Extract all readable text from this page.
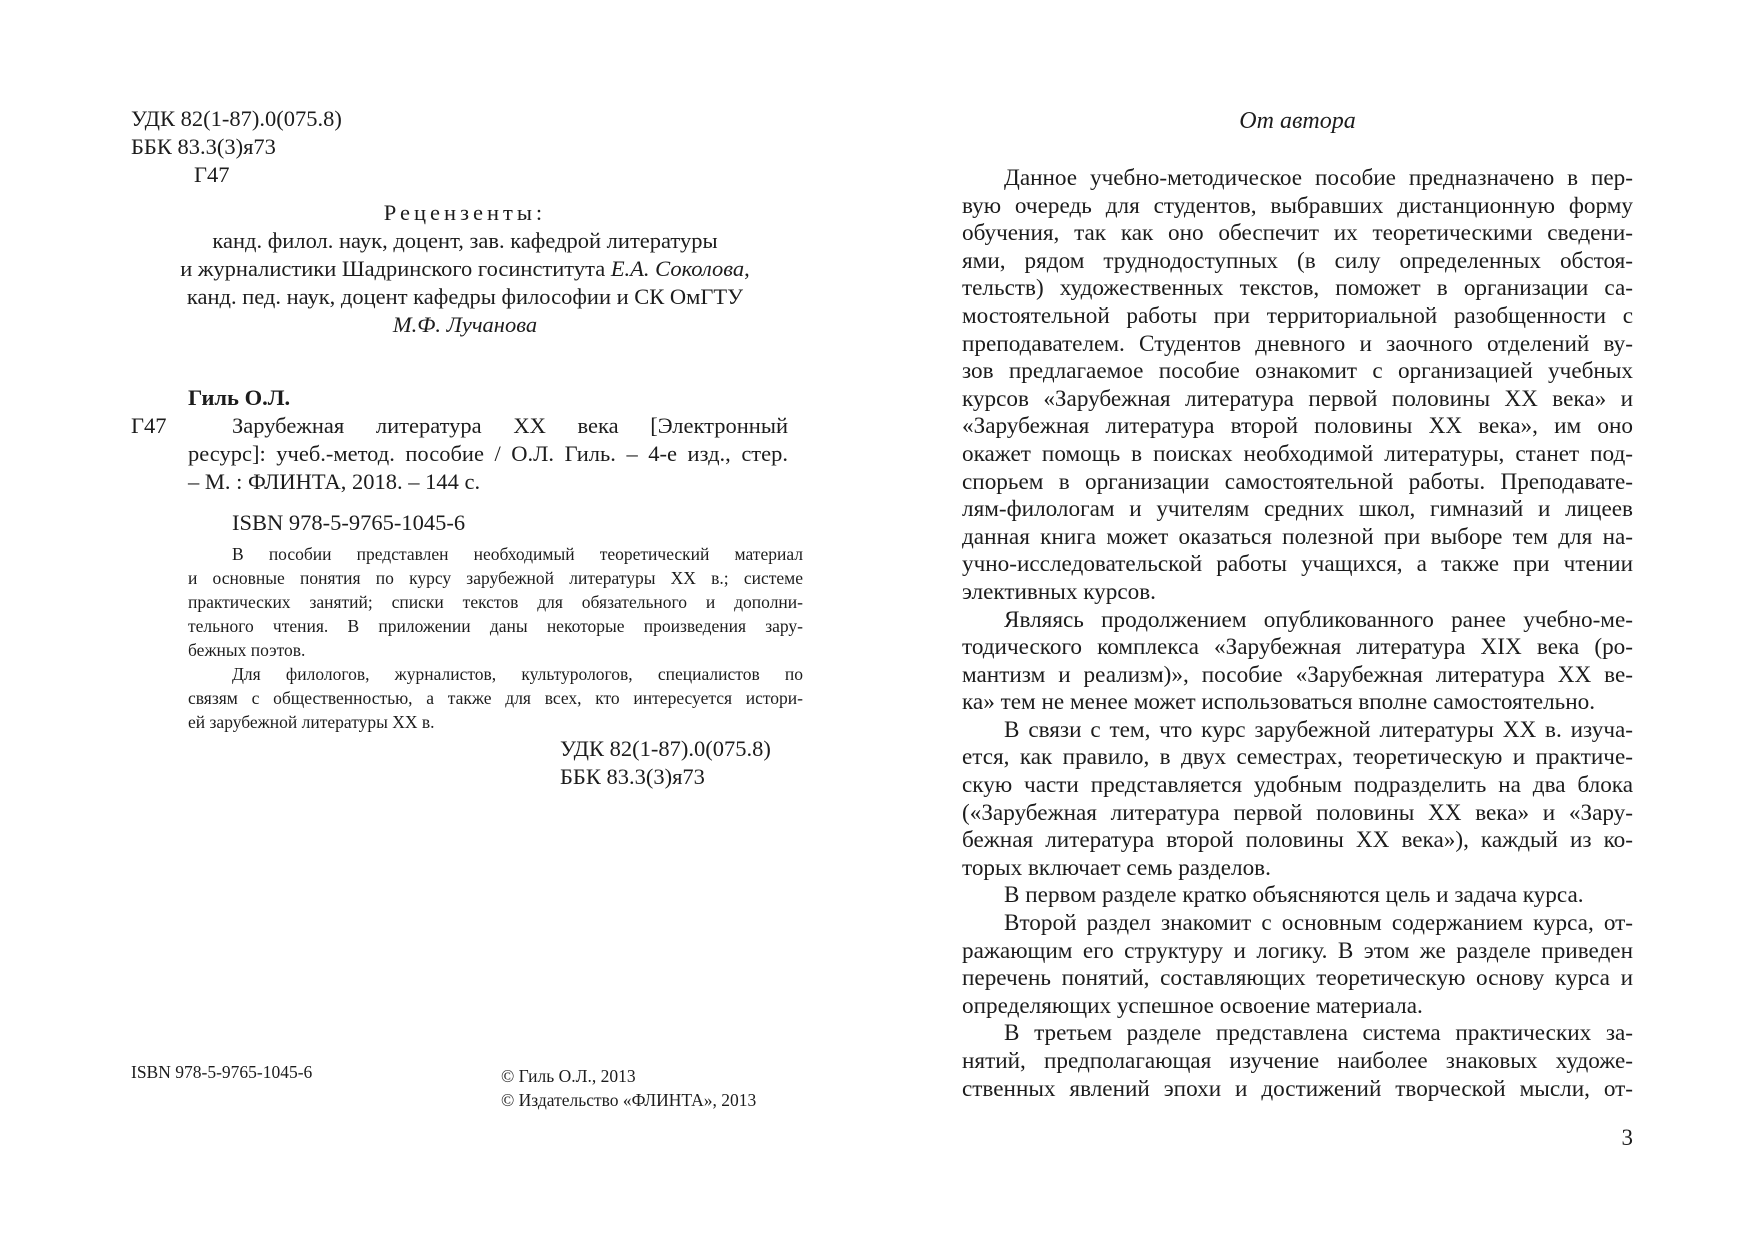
УДК 82(1-87).0(075.8)
ББК 83.3(3)я73
Г47
Рецензенты:
канд. филол. наук, доцент, зав. кафедрой литературы
и журналистики Шадринского госинститута Е.А. Соколова,
канд. пед. наук, доцент кафедры философии и СК ОмГТУ
М.Ф. Лучанова
Гиль О.Л.
Г47	Зарубежная литература XX века [Электронный
ресурс]: учеб.-метод. пособие / О.Л. Гиль. – 4-е изд., стер.
– М. : ФЛИНТА, 2018. – 144 с.
ISBN 978-5-9765-1045-6
В пособии представлен необходимый теоретический материал
и основные понятия по курсу зарубежной литературы XX в.; системе
практических занятий; списки текстов для обязательного и дополни-
тельного чтения. В приложении даны некоторые произведения зару-
бежных поэтов.
Для филологов, журналистов, культурологов, специалистов по
связям с общественностью, а также для всех, кто интересуется истори-
ей зарубежной литературы XX в.
УДК 82(1-87).0(075.8)
ББК 83.3(3)я73
ISBN 978-5-9765-1045-6	© Гиль О.Л., 2013
© Издательство «ФЛИНТА», 2013
От автора
Данное учебно-методическое пособие предназначено в пер-
вую очередь для студентов, выбравших дистанционную форму
обучения, так как оно обеспечит их теоретическими сведени-
ями, рядом труднодоступных (в силу определенных обстоя-
тельств) художественных текстов, поможет в организации са-
мостоятельной работы при территориальной разобщенности с
преподавателем. Студентов дневного и заочного отделений ву-
зов предлагаемое пособие ознакомит с организацией учебных
курсов «Зарубежная литература первой половины XX века» и
«Зарубежная литература второй половины XX века», им оно
окажет помощь в поисках необходимой литературы, станет под-
спорьем в организации самостоятельной работы. Преподавате-
лям-филологам и учителям средних школ, гимназий и лицеев
данная книга может оказаться полезной при выборе тем для на-
учно-исследовательской работы учащихся, а также при чтении
элективных курсов.
Являясь продолжением опубликованного ранее учебно-ме-
тодического комплекса «Зарубежная литература XIX века (ро-
мантизм и реализм)», пособие «Зарубежная литература XX ве-
ка» тем не менее может использоваться вполне самостоятельно.
В связи с тем, что курс зарубежной литературы XX в. изуча-
ется, как правило, в двух семестрах, теоретическую и практиче-
скую части представляется удобным подразделить на два блока
(«Зарубежная литература первой половины XX века» и «Зару-
бежная литература второй половины XX века»), каждый из ко-
торых включает семь разделов.
В первом разделе кратко объясняются цель и задача курса.
Второй раздел знакомит с основным содержанием курса, от-
ражающим его структуру и логику. В этом же разделе приведен
перечень понятий, составляющих теоретическую основу курса и
определяющих успешное освоение материала.
В третьем разделе представлена система практических за-
нятий, предполагающая изучение наиболее знаковых художе-
ственных явлений эпохи и достижений творческой мысли, от-
3
